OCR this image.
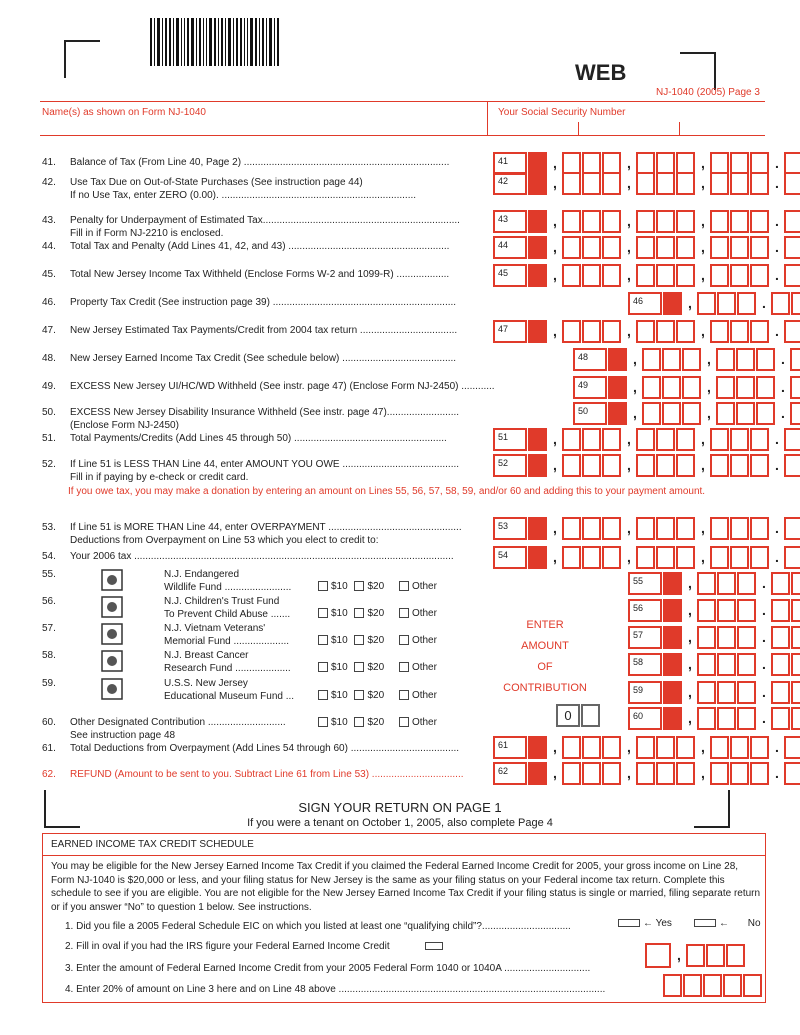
WEB
NJ-1040 (2005) Page 3
Name(s) as shown on Form NJ-1040	Your Social Security Number
41. Balance of Tax (From Line 40, Page 2) ..........................................................................	41	,	,	,	.
42. Use Tax Due on Out-of-State Purchases (See instruction page 44)
If no Use Tax, enter ZERO (0.00). ......................................................................
42	,	,	,	.
43. Penalty for Underpayment of Estimated Tax.......................................................................
Fill in if Form NJ-2210 is enclosed.
43	,	,	,	.
44. Total Tax and Penalty (Add Lines 41, 42, and 43) ..........................................................	44	,	,	,	.
45. Total New Jersey Income Tax Withheld (Enclose Forms W-2 and 1099-R) ...................	45	,	,	,	.
46. Property Tax Credit (See instruction page 39) ..................................................................	46	,	.
47. New Jersey Estimated Tax Payments/Credit from 2004 tax return ...................................	47	,	,	,	.
48. New Jersey Earned Income Tax Credit (See schedule below) .........................................	48	,	,	.
49. EXCESS New Jersey UI/HC/WD Withheld (See instr. page 47) (Enclose Form NJ-2450) ............	49	,	,	.
50. EXCESS New Jersey Disability Insurance Withheld (See instr. page 47)..........................
(Enclose Form NJ-2450)
50	,	,	.
51. Total Payments/Credits (Add Lines 45 through 50) .......................................................	51	,	,	,	.
52. If Line 51 is LESS THAN Line 44, enter AMOUNT YOU OWE ..........................................
Fill in if paying by e-check or credit card.
52	,	,	,	.
53. If Line 51 is MORE THAN Line 44, enter OVERPAYMENT ................................................
Deductions from Overpayment on Line 53 which you elect to credit to:
53	,	,	,	.
54. Your 2006 tax ...................................................................................................................	54	,	,	,	.
If you owe tax, you may make a donation by entering an amount on Lines 55, 56, 57, 58, 59, and/or 60 and adding this to your payment amount.
55.	N.J. Endangered
Wildlife Fund ........................	$10 $20	Other	55	,	.
56.	N.J. Children's Trust Fund
To Prevent Child Abuse .......	$10 $20	Other	56	,	.
57.	N.J. Vietnam Veterans'
Memorial Fund ....................	$10 $20	Other	57	,	.
58.	N.J. Breast Cancer
Research Fund ....................	$10 $20	Other	58	,	.
59.	U.S.S. New Jersey
Educational Museum Fund ...	$10 $20	Other	59	,	.
60. Other Designated Contribution ............................
See instruction page 48
$10 $20	Other	0	60	,	.
61. Total Deductions from Overpayment (Add Lines 54 through 60) .......................................	61	,	,	,	.
62. REFUND (Amount to be sent to you. Subtract Line 61 from Line 53) .................................	62	,	,	,	.
ENTER
AMOUNT
OF
CONTRIBUTION
SIGN YOUR RETURN ON PAGE 1
If you were a tenant on October 1, 2005, also complete Page 4
EARNED INCOME TAX CREDIT SCHEDULE
You may be eligible for the New Jersey Earned Income Tax Credit if you claimed the Federal Earned Income Credit for 2005, your gross income on Line 28, Form NJ-1040 is $20,000 or less, and your filing status for New Jersey is the same as your filing status on your Federal income tax return. Complete this schedule to see if you are eligible. You are not eligible for the New Jersey Earned Income Tax Credit if your filing status is single or married, filing separate return or if you answer “No” to question 1 below. See instructions.
1. Did you file a 2005 Federal Schedule EIC on which you listed at least one “qualifying child”?................................	← Yes	← No
2. Fill in oval if you had the IRS figure your Federal Earned Income Credit
3. Enter the amount of Federal Earned Income Credit from your 2005 Federal Form 1040 or 1040A ...............................
4. Enter 20% of amount on Line 3 here and on Line 48 above ................................................................................................
,
